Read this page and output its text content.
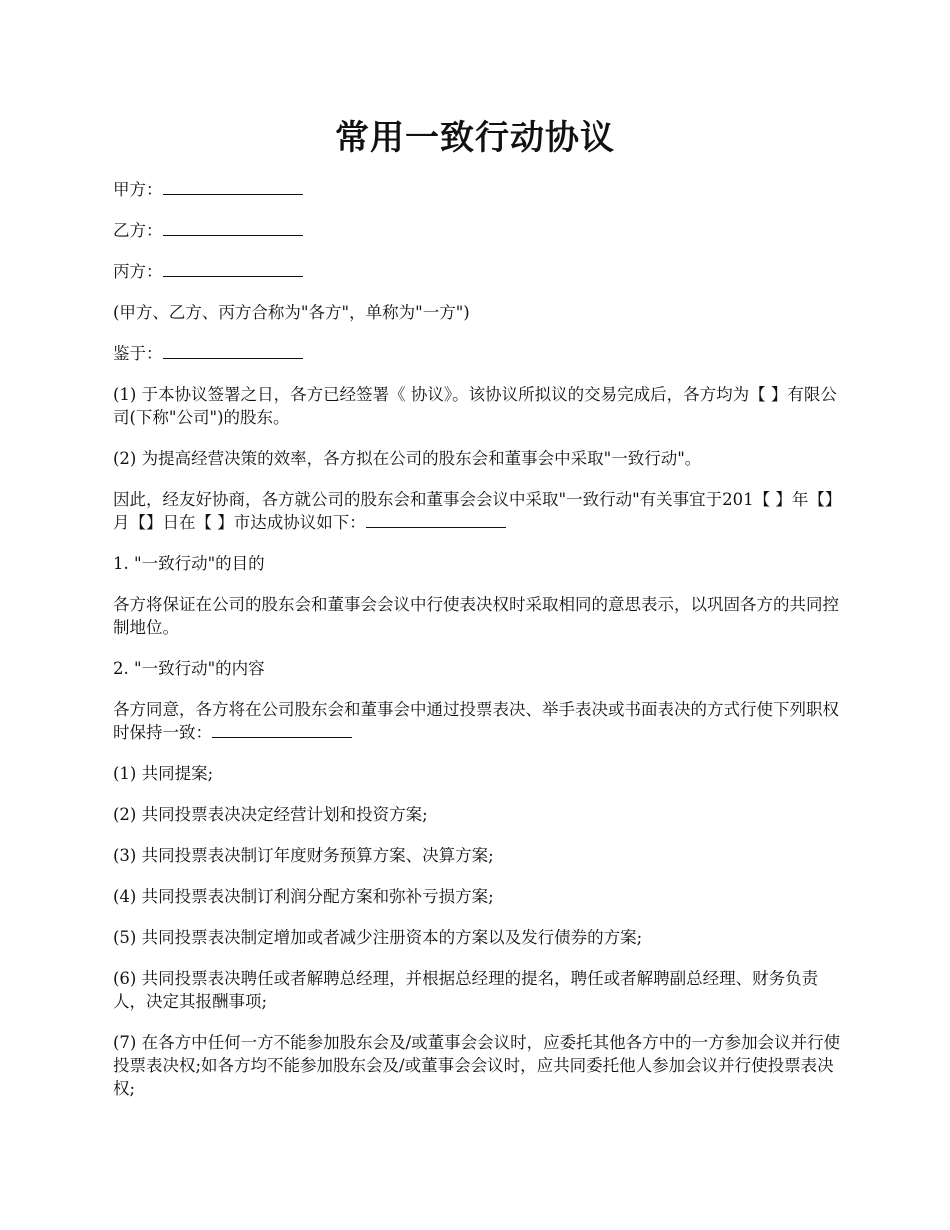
常用一致行动协议

甲方：

乙方：

丙方：

(甲方、乙方、丙方合称为"各方"，单称为"一方")

鉴于：

(1) 于本协议签署之日，各方已经签署《 协议》。该协议所拟议的交易完成后，各方均为【 】有限公司(下称"公司")的股东。

(2) 为提高经营决策的效率，各方拟在公司的股东会和董事会中采取"一致行动"。

因此，经友好协商，各方就公司的股东会和董事会会议中采取"一致行动"有关事宜于201【 】年【】月【】日在【 】市达成协议如下：

1. "一致行动"的目的

各方将保证在公司的股东会和董事会会议中行使表决权时采取相同的意思表示，以巩固各方的共同控制地位。

2. "一致行动"的内容

各方同意，各方将在公司股东会和董事会中通过投票表决、举手表决或书面表决的方式行使下列职权时保持一致：

(1) 共同提案;

(2) 共同投票表决决定经营计划和投资方案;

(3) 共同投票表决制订年度财务预算方案、决算方案;

(4) 共同投票表决制订利润分配方案和弥补亏损方案;

(5) 共同投票表决制定增加或者减少注册资本的方案以及发行债券的方案;

(6) 共同投票表决聘任或者解聘总经理，并根据总经理的提名，聘任或者解聘副总经理、财务负责人，决定其报酬事项;

(7) 在各方中任何一方不能参加股东会及/或董事会会议时，应委托其他各方中的一方参加会议并行使投票表决权;如各方均不能参加股东会及/或董事会会议时，应共同委托他人参加会议并行使投票表决权;
